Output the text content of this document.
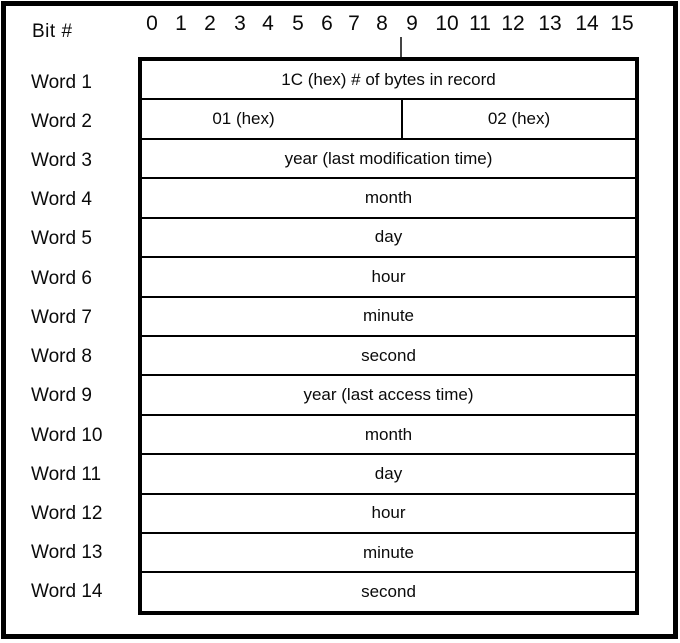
Bit #	0 1 2 3 4 5 6 7 8 9 10 11 12 13 14 15
Word 1
Word 2
Word 3
Word 4
Word 5
Word 6
Word 7
Word 8
Word 9
Word 10
Word 11
Word 12
Word 13
Word 14
1C (hex) # of bytes in record
01 (hex)	02 (hex)
year (last modification time)
month
day
hour
minute
second
year (last access time)
month
day
hour
minute
second
